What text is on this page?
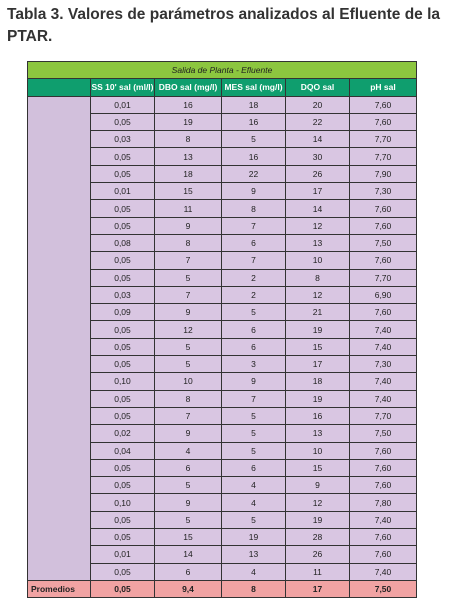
Tabla 3. Valores de parámetros analizados al Efluente de la PTAR.
Salida de Planta - Efluente					
	SS 10' sal (ml/l)	DBO sal (mg/l)	MES sal (mg/l)	DQO sal	pH sal
	0,01	16	18	20	7,60
	0,05	19	16	22	7,60
	0,03	8	5	14	7,70
	0,05	13	16	30	7,70
	0,05	18	22	26	7,90
	0,01	15	9	17	7,30
	0,05	11	8	14	7,60
	0,05	9	7	12	7,60
	0,08	8	6	13	7,50
	0,05	7	7	10	7,60
	0,05	5	2	8	7,70
	0,03	7	2	12	6,90
	0,09	9	5	21	7,60
	0,05	12	6	19	7,40
	0,05	5	6	15	7,40
	0,05	5	3	17	7,30
	0,10	10	9	18	7,40
	0,05	8	7	19	7,40
	0,05	7	5	16	7,70
	0,02	9	5	13	7,50
	0,04	4	5	10	7,60
	0,05	6	6	15	7,60
	0,05	5	4	9	7,60
	0,10	9	4	12	7,80
	0,05	5	5	19	7,40
	0,05	15	19	28	7,60
	0,01	14	13	26	7,60
	0,05	6	4	11	7,40
Promedios	0,05	9,4	8	17	7,50
